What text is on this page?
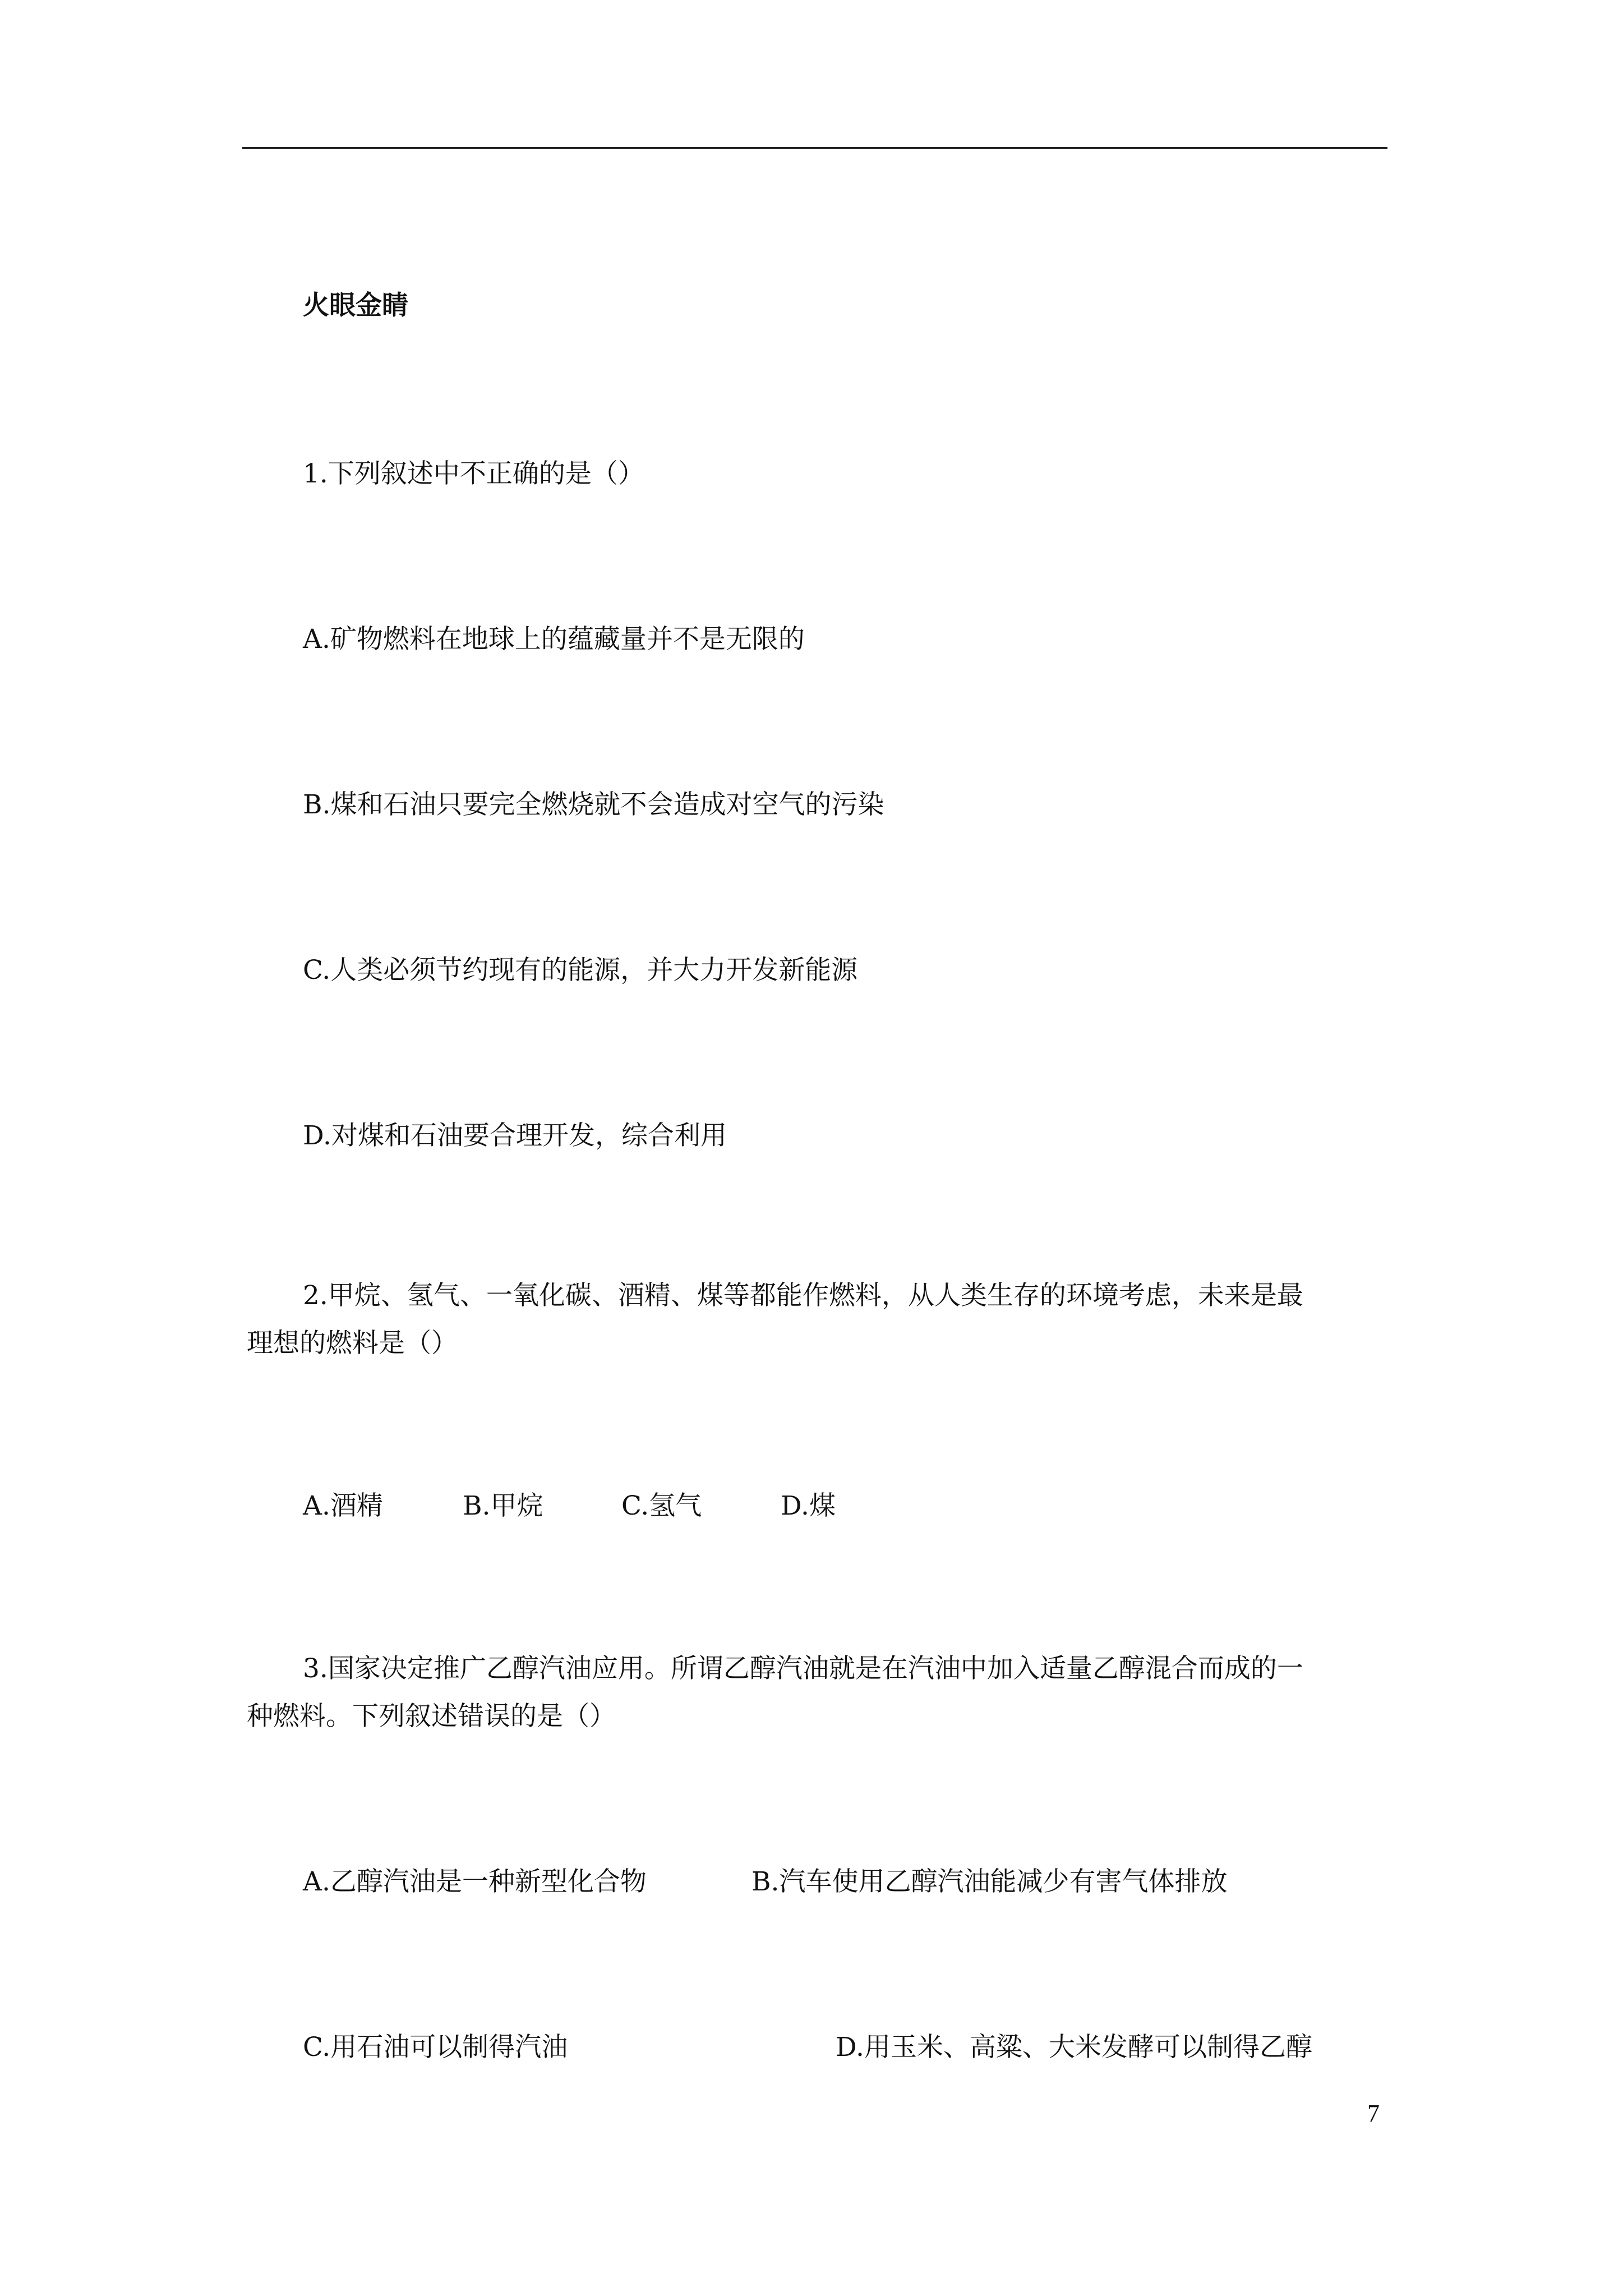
火眼金睛
1.下列叙述中不正确的是（）
A.矿物燃料在地球上的蕴藏量并不是无限的
B.煤和石油只要完全燃烧就不会造成对空气的污染
C.人类必须节约现有的能源，并大力开发新能源
D.对煤和石油要合理开发，综合利用
2.甲烷、氢气、一氧化碳、酒精、煤等都能作燃料，从人类生存的环境考虑，未来是最
理想的燃料是（）
A.酒精	B.甲烷	C.氢气	D.煤
3.国家决定推广乙醇汽油应用。所谓乙醇汽油就是在汽油中加入适量乙醇混合而成的一
种燃料。下列叙述错误的是（）
A.乙醇汽油是一种新型化合物	B.汽车使用乙醇汽油能减少有害气体排放
C.用石油可以制得汽油	D.用玉米、高粱、大米发酵可以制得乙醇
7
